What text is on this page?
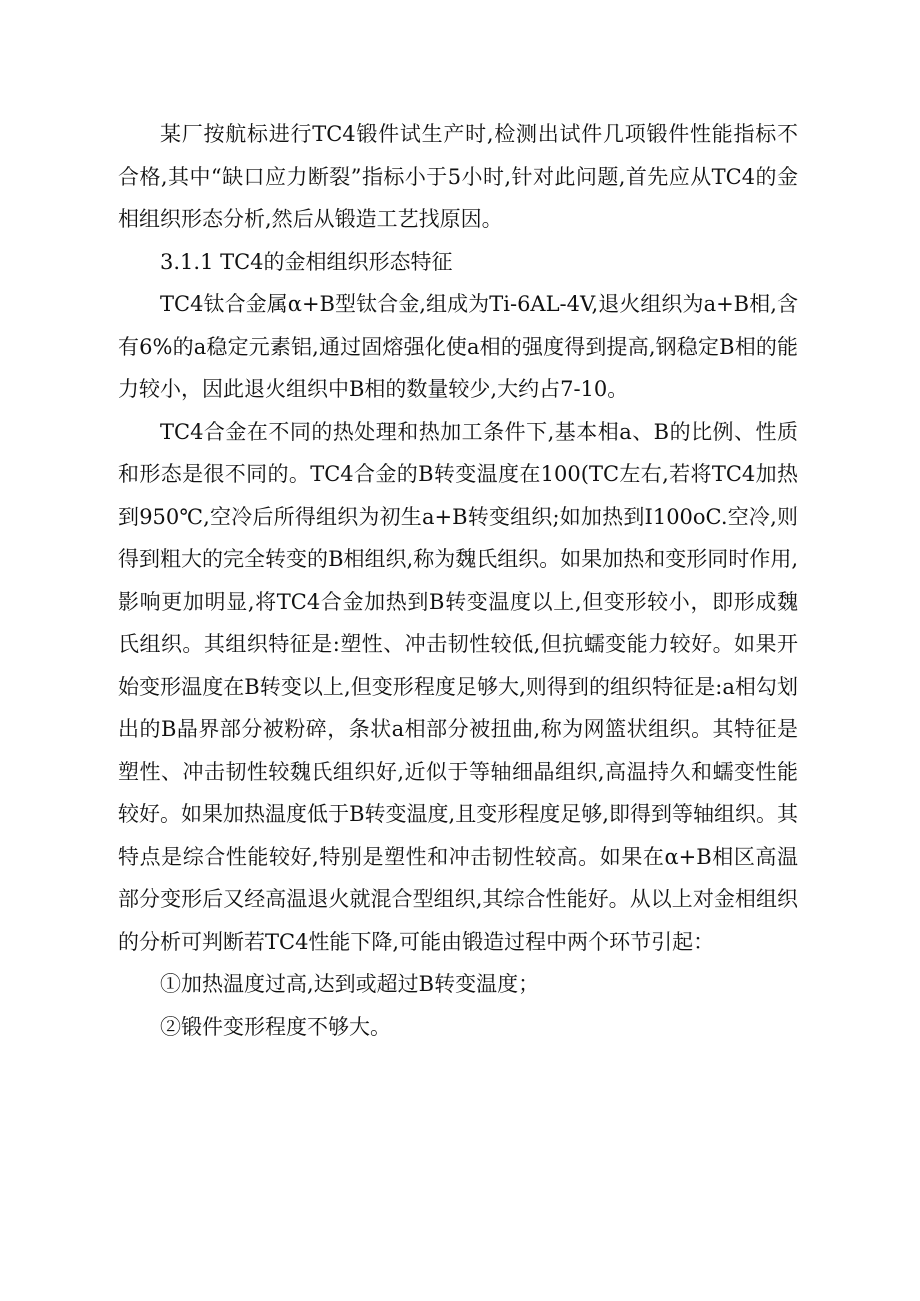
某厂按航标进行TC4锻件试生产时,检测出试件几项锻件性能指标不合格,其中“缺口应力断裂”指标小于5小时,针对此问题,首先应从TC4的金相组织形态分析,然后从锻造工艺找原因。

3.1.1 TC4的金相组织形态特征

TC4钛合金属α+B型钛合金,组成为Ti-6AL-4V,退火组织为a+B相,含有6%的a稳定元素铝,通过固熔强化使a相的强度得到提高,钢稳定B相的能力较小，因此退火组织中B相的数量较少,大约占7-10。

TC4合金在不同的热处理和热加工条件下,基本相a、B的比例、性质和形态是很不同的。TC4合金的B转变温度在100(TC左右,若将TC4加热到950℃,空冷后所得组织为初生a+B转变组织;如加热到I100oC.空冷,则得到粗大的完全转变的B相组织,称为魏氏组织。如果加热和变形同时作用,影响更加明显,将TC4合金加热到B转变温度以上,但变形较小，即形成魏氏组织。其组织特征是:塑性、冲击韧性较低,但抗蠕变能力较好。如果开始变形温度在B转变以上,但变形程度足够大,则得到的组织特征是:a相勾划出的B晶界部分被粉碎，条状a相部分被扭曲,称为网篮状组织。其特征是塑性、冲击韧性较魏氏组织好,近似于等轴细晶组织,高温持久和蠕变性能较好。如果加热温度低于B转变温度,且变形程度足够,即得到等轴组织。其特点是综合性能较好,特别是塑性和冲击韧性较高。如果在α+B相区高温部分变形后又经高温退火就混合型组织,其综合性能好。从以上对金相组织的分析可判断若TC4性能下降,可能由锻造过程中两个环节引起：

①加热温度过高,达到或超过B转变温度；

②锻件变形程度不够大。
